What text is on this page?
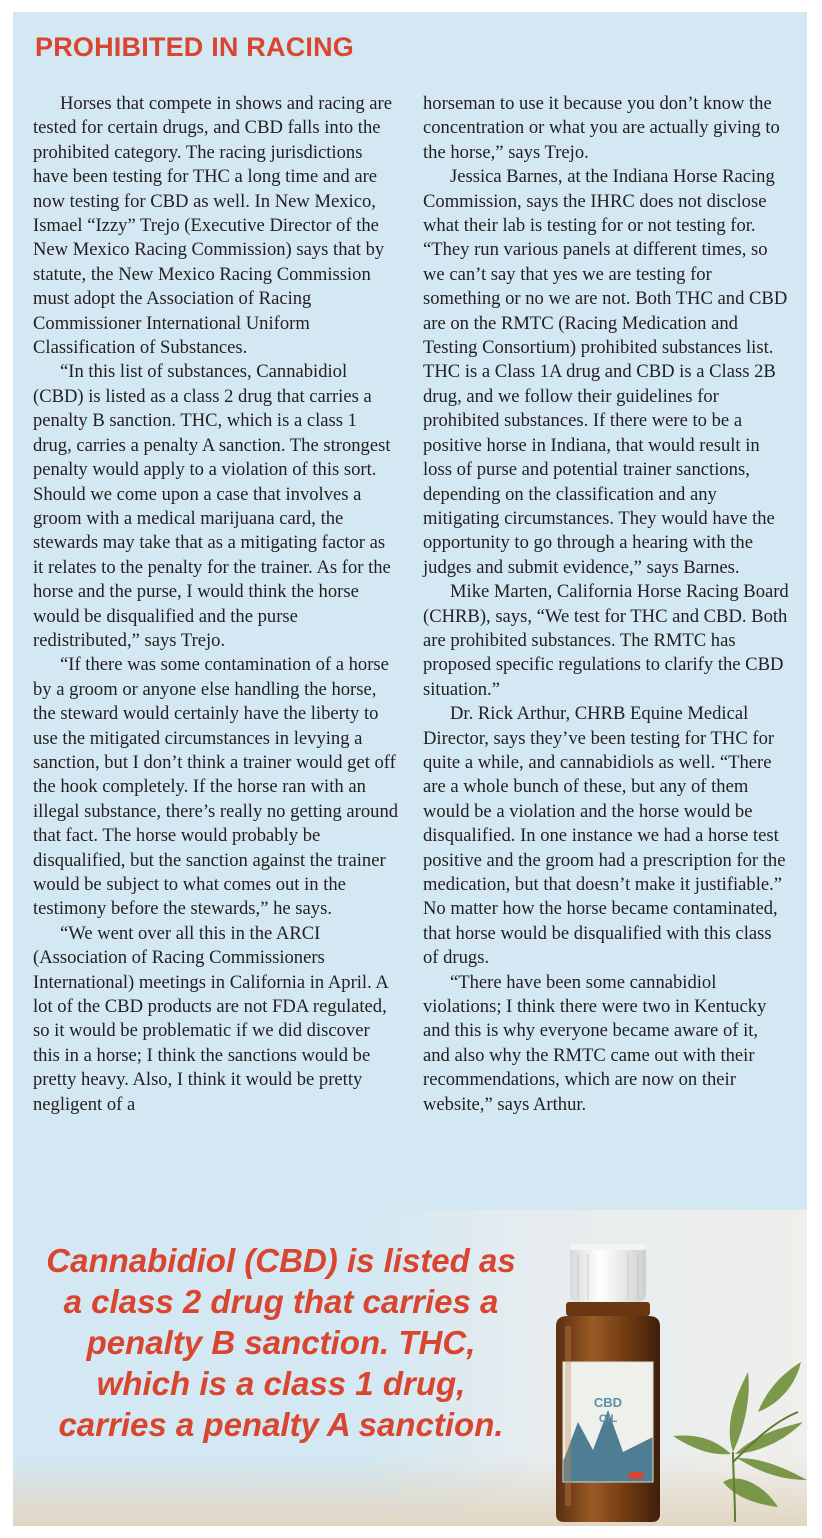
PROHIBITED IN RACING

Horses that compete in shows and racing are tested for certain drugs, and CBD falls into the prohibited category. The racing jurisdictions have been testing for THC a long time and are now testing for CBD as well. In New Mexico, Ismael “Izzy” Trejo (Executive Director of the New Mexico Racing Commission) says that by statute, the New Mexico Racing Commission must adopt the Association of Racing Commissioner International Uniform Classification of Substances.

“In this list of substances, Cannabidiol (CBD) is listed as a class 2 drug that carries a penalty B sanction. THC, which is a class 1 drug, carries a penalty A sanction. The strongest penalty would apply to a violation of this sort. Should we come upon a case that involves a groom with a medical marijuana card, the stewards may take that as a mitigating factor as it relates to the penalty for the trainer. As for the horse and the purse, I would think the horse would be disqualified and the purse redistributed,” says Trejo.

“If there was some contamination of a horse by a groom or anyone else handling the horse, the steward would certainly have the liberty to use the mitigated circumstances in levying a sanction, but I don’t think a trainer would get off the hook completely. If the horse ran with an illegal substance, there’s really no getting around that fact. The horse would probably be disqualified, but the sanction against the trainer would be subject to what comes out in the testimony before the stewards,” he says.

“We went over all this in the ARCI (Association of Racing Commissioners International) meetings in California in April. A lot of the CBD products are not FDA regulated, so it would be problematic if we did discover this in a horse; I think the sanctions would be pretty heavy. Also, I think it would be pretty negligent of a

horseman to use it because you don’t know the concentration or what you are actually giving to the horse,” says Trejo.

Jessica Barnes, at the Indiana Horse Racing Commission, says the IHRC does not disclose what their lab is testing for or not testing for. “They run various panels at different times, so we can’t say that yes we are testing for something or no we are not. Both THC and CBD are on the RMTC (Racing Medication and Testing Consortium) prohibited substances list. THC is a Class 1A drug and CBD is a Class 2B drug, and we follow their guidelines for prohibited substances. If there were to be a positive horse in Indiana, that would result in loss of purse and potential trainer sanctions, depending on the classification and any mitigating circumstances. They would have the opportunity to go through a hearing with the judges and submit evidence,” says Barnes.

Mike Marten, California Horse Racing Board (CHRB), says, “We test for THC and CBD. Both are prohibited substances. The RMTC has proposed specific regulations to clarify the CBD situation.”

Dr. Rick Arthur, CHRB Equine Medical Director, says they’ve been testing for THC for quite a while, and cannabidiols as well. “There are a whole bunch of these, but any of them would be a violation and the horse would be disqualified. In one instance we had a horse test positive and the groom had a prescription for the medication, but that doesn’t make it justifiable.” No matter how the horse became contaminated, that horse would be disqualified with this class of drugs.

“There have been some cannabidiol violations; I think there were two in Kentucky and this is why everyone became aware of it, and also why the RMTC came out with their recommendations, which are now on their website,” says Arthur.

Cannabidiol (CBD) is listed as a class 2 drug that carries a penalty B sanction. THC, which is a class 1 drug, carries a penalty A sanction.

CBD
OIL
